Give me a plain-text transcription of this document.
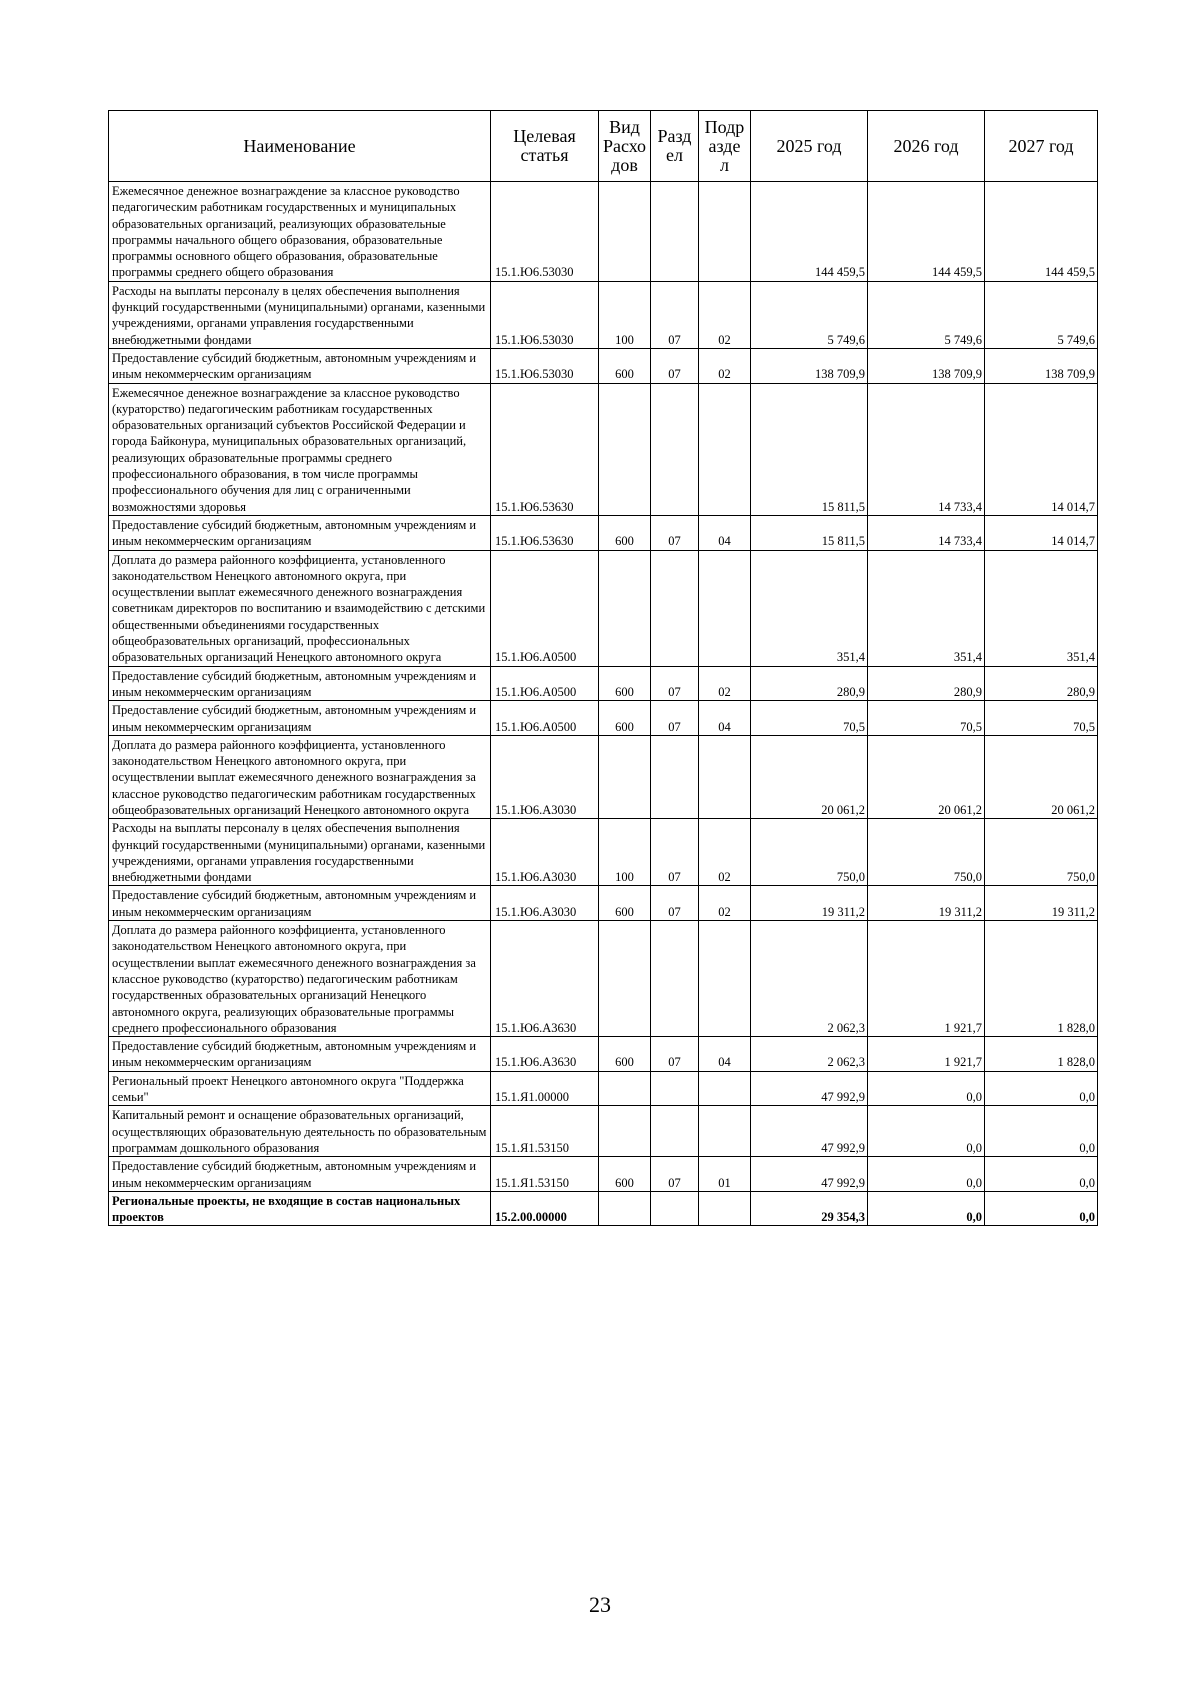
Наименование	Целевая статья	Вид Расхо дов	Разд ел	Подр азде л	2025 год	2026 год	2027 год
Ежемесячное денежное вознаграждение за классное руководство педагогическим работникам государственных и муниципальных образовательных организаций, реализующих образовательные программы начального общего образования, образовательные программы основного общего образования, образовательные программы среднего общего образования	15.1.Ю6.53030				144 459,5	144 459,5	144 459,5
Расходы на выплаты персоналу в целях обеспечения выполнения функций государственными (муниципальными) органами, казенными учреждениями, органами управления государственными внебюджетными фондами	15.1.Ю6.53030	100	07	02	5 749,6	5 749,6	5 749,6
Предоставление субсидий бюджетным, автономным учреждениям и иным некоммерческим организациям	15.1.Ю6.53030	600	07	02	138 709,9	138 709,9	138 709,9
Ежемесячное денежное вознаграждение за классное руководство (кураторство) педагогическим работникам государственных образовательных организаций субъектов Российской Федерации и города Байконура, муниципальных образовательных организаций, реализующих образовательные программы среднего профессионального образования, в том числе программы профессионального обучения для лиц с ограниченными возможностями здоровья	15.1.Ю6.53630				15 811,5	14 733,4	14 014,7
Предоставление субсидий бюджетным, автономным учреждениям и иным некоммерческим организациям	15.1.Ю6.53630	600	07	04	15 811,5	14 733,4	14 014,7
Доплата до размера районного коэффициента, установленного законодательством Ненецкого автономного округа, при осуществлении выплат ежемесячного денежного вознаграждения советникам директоров по воспитанию и взаимодействию с детскими общественными объединениями государственных общеобразовательных организаций, профессиональных образовательных организаций Ненецкого автономного округа	15.1.Ю6.А0500				351,4	351,4	351,4
Предоставление субсидий бюджетным, автономным учреждениям и иным некоммерческим организациям	15.1.Ю6.А0500	600	07	02	280,9	280,9	280,9
Предоставление субсидий бюджетным, автономным учреждениям и иным некоммерческим организациям	15.1.Ю6.А0500	600	07	04	70,5	70,5	70,5
Доплата до размера районного коэффициента, установленного законодательством Ненецкого автономного округа, при осуществлении выплат ежемесячного денежного вознаграждения за классное руководство педагогическим работникам государственных общеобразовательных организаций Ненецкого автономного округа	15.1.Ю6.А3030				20 061,2	20 061,2	20 061,2
Расходы на выплаты персоналу в целях обеспечения выполнения функций государственными (муниципальными) органами, казенными учреждениями, органами управления государственными внебюджетными фондами	15.1.Ю6.А3030	100	07	02	750,0	750,0	750,0
Предоставление субсидий бюджетным, автономным учреждениям и иным некоммерческим организациям	15.1.Ю6.А3030	600	07	02	19 311,2	19 311,2	19 311,2
Доплата до размера районного коэффициента, установленного законодательством Ненецкого автономного округа, при осуществлении выплат ежемесячного денежного вознаграждения за классное руководство (кураторство) педагогическим работникам государственных образовательных организаций Ненецкого автономного округа, реализующих образовательные программы среднего профессионального образования	15.1.Ю6.А3630				2 062,3	1 921,7	1 828,0
Предоставление субсидий бюджетным, автономным учреждениям и иным некоммерческим организациям	15.1.Ю6.А3630	600	07	04	2 062,3	1 921,7	1 828,0
Региональный проект Ненецкого автономного округа "Поддержка семьи"	15.1.Я1.00000				47 992,9	0,0	0,0
Капитальный ремонт и оснащение образовательных организаций, осуществляющих образовательную деятельность по образовательным программам дошкольного образования	15.1.Я1.53150				47 992,9	0,0	0,0
Предоставление субсидий бюджетным, автономным учреждениям и иным некоммерческим организациям	15.1.Я1.53150	600	07	01	47 992,9	0,0	0,0
Региональные проекты, не входящие в состав национальных проектов	15.2.00.00000				29 354,3	0,0	0,0
23
